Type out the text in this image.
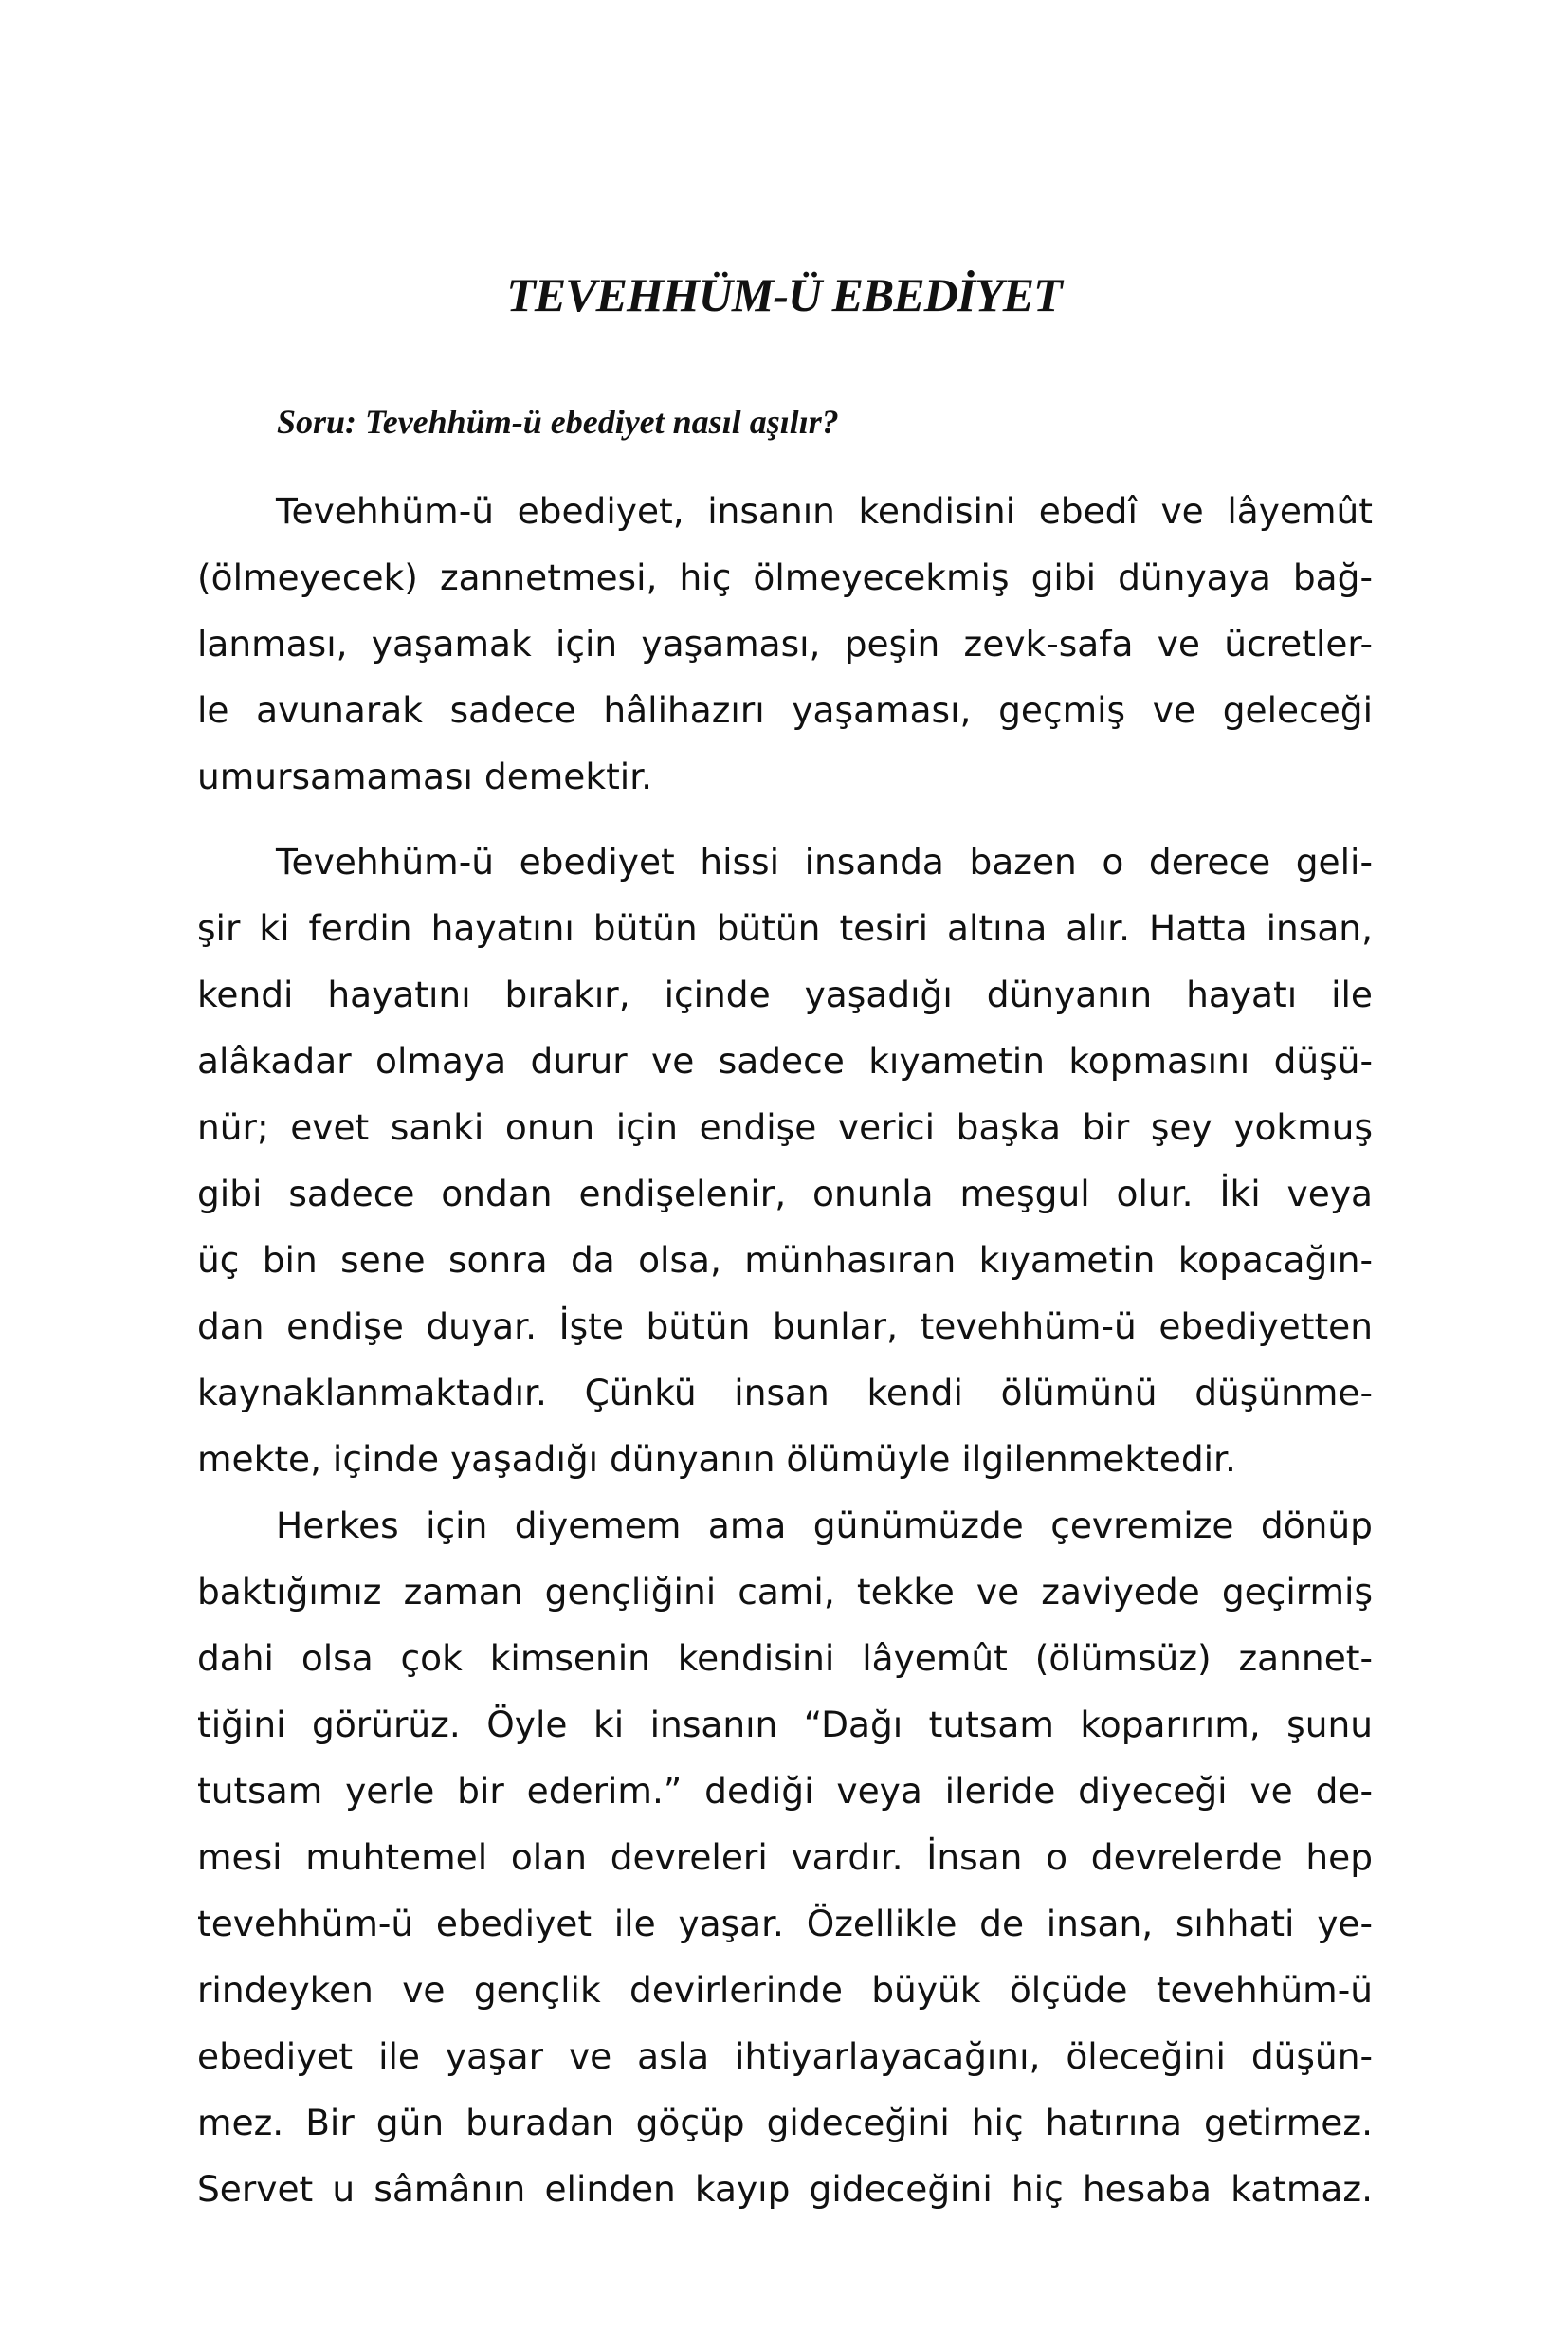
TEVEHHÜM-Ü EBEDİYET

Soru: Tevehhüm-ü ebediyet nasıl aşılır?

Tevehhüm-ü ebediyet, insanın kendisini ebedî ve lâyemût
(ölmeyecek) zannetmesi, hiç ölmeyecekmiş gibi dünyaya bağ-
lanması, yaşamak için yaşaması, peşin zevk-safa ve ücretler-
le avunarak sadece hâlihazırı yaşaması, geçmiş ve geleceği
umursamaması demektir.
Tevehhüm-ü ebediyet hissi insanda bazen o derece geli-
şir ki ferdin hayatını bütün bütün tesiri altına alır. Hatta insan,
kendi hayatını bırakır, içinde yaşadığı dünyanın hayatı ile
alâkadar olmaya durur ve sadece kıyametin kopmasını düşü-
nür; evet sanki onun için endişe verici başka bir şey yokmuş
gibi sadece ondan endişelenir, onunla meşgul olur. İki veya
üç bin sene sonra da olsa, münhasıran kıyametin kopacağın-
dan endişe duyar. İşte bütün bunlar, tevehhüm-ü ebediyetten
kaynaklanmaktadır. Çünkü insan kendi ölümünü düşünme-
mekte, içinde yaşadığı dünyanın ölümüyle ilgilenmektedir.
Herkes için diyemem ama günümüzde çevremize dönüp
baktığımız zaman gençliğini cami, tekke ve zaviyede geçirmiş
dahi olsa çok kimsenin kendisini lâyemût (ölümsüz) zannet-
tiğini görürüz. Öyle ki insanın “Dağı tutsam koparırım, şunu
tutsam yerle bir ederim.” dediği veya ileride diyeceği ve de-
mesi muhtemel olan devreleri vardır. İnsan o devrelerde hep
tevehhüm-ü ebediyet ile yaşar. Özellikle de insan, sıhhati ye-
rindeyken ve gençlik devirlerinde büyük ölçüde tevehhüm-ü
ebediyet ile yaşar ve asla ihtiyarlayacağını, öleceğini düşün-
mez. Bir gün buradan göçüp gideceğini hiç hatırına getirmez.
Servet u sâmânın elinden kayıp gideceğini hiç hesaba katmaz.
